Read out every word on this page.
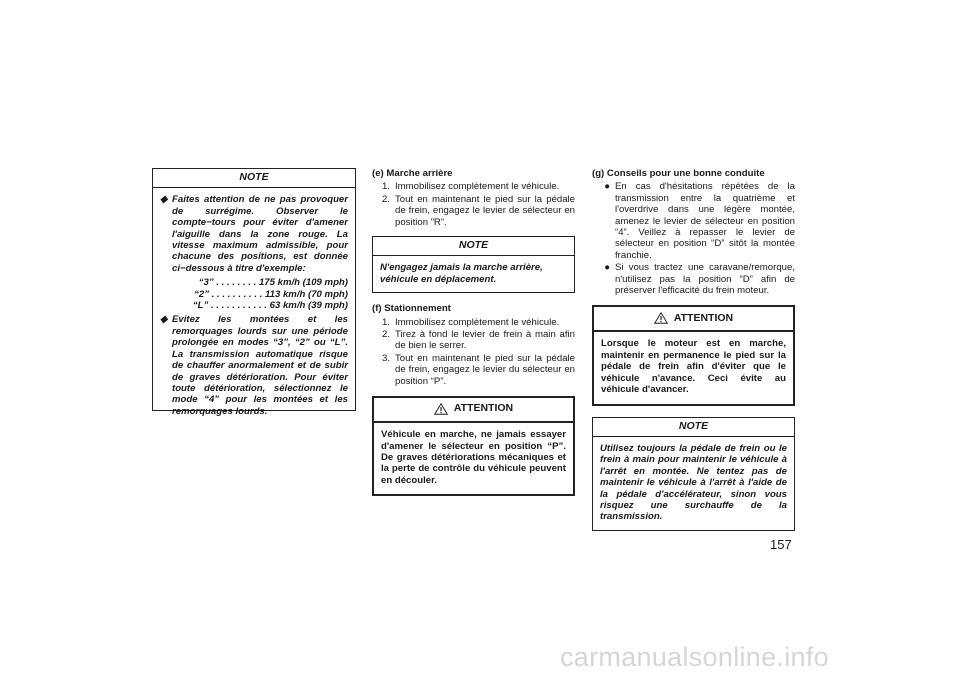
NOTE
◆ Faites attention de ne pas provoquer de surrégime. Observer le compte−tours pour éviter d'amener l'aiguille dans la zone rouge. La vitesse maximum admissible, pour chacune des positions, est donnée ci−dessous à titre d'exemple:
“3” . . . . . . . . 175 km/h (109 mph)
“2” . . . . . . . . . . 113 km/h (70 mph)
“L” . . . . . . . . . . . 63 km/h (39 mph)
◆ Evitez les montées et les remorquages lourds sur une période prolongée en modes “3”, “2” ou “L”. La transmission automatique risque de chauffer anormalement et de subir de graves détérioration. Pour éviter toute détérioration, sélectionnez le mode “4” pour les montées et les remorquages lourds.
(e) Marche arrière
1. Immobilisez complètement le véhicule.
2. Tout en maintenant le pied sur la pédale de frein, engagez le levier de sélecteur en position ”R”.
NOTE
N'engagez jamais la marche arrière, véhicule en déplacement.
(f) Stationnement
1. Immobilisez complètement le véhicule.
2. Tirez à fond le levier de frein à main afin de bien le serrer.
3. Tout en maintenant le pied sur la pédale de frein, engagez le levier du sélecteur en position “P”.
ATTENTION
Véhicule en marche, ne jamais essayer d'amener le sélecteur en position “P”. De graves détériorations mécaniques et la perte de contrôle du véhicule peuvent en découler.
(g) Conseils pour une bonne conduite
● En cas d'hésitations répétées de la transmission entre la quatrième et l'overdrive dans une légère montée, amenez le levier de sélecteur en position “4”. Veillez à repasser le levier de sélecteur en position “D” sitôt la montée franchie.
● Si vous tractez une caravane/remorque, n'utilisez pas la position ”D” afin de préserver l'efficacité du frein moteur.
ATTENTION
Lorsque le moteur est en marche, maintenir en permanence le pied sur la pédale de frein afin d'éviter que le véhicule n'avance. Ceci évite au véhicule d'avancer.
NOTE
Utilisez toujours la pédale de frein ou le frein à main pour maintenir le véhicule à l'arrêt en montée. Ne tentez pas de maintenir le véhicule à l'arrêt à l'aide de la pédale d'accélérateur, sinon vous risquez une surchauffe de la transmission.
157
carmanualsonline.info
